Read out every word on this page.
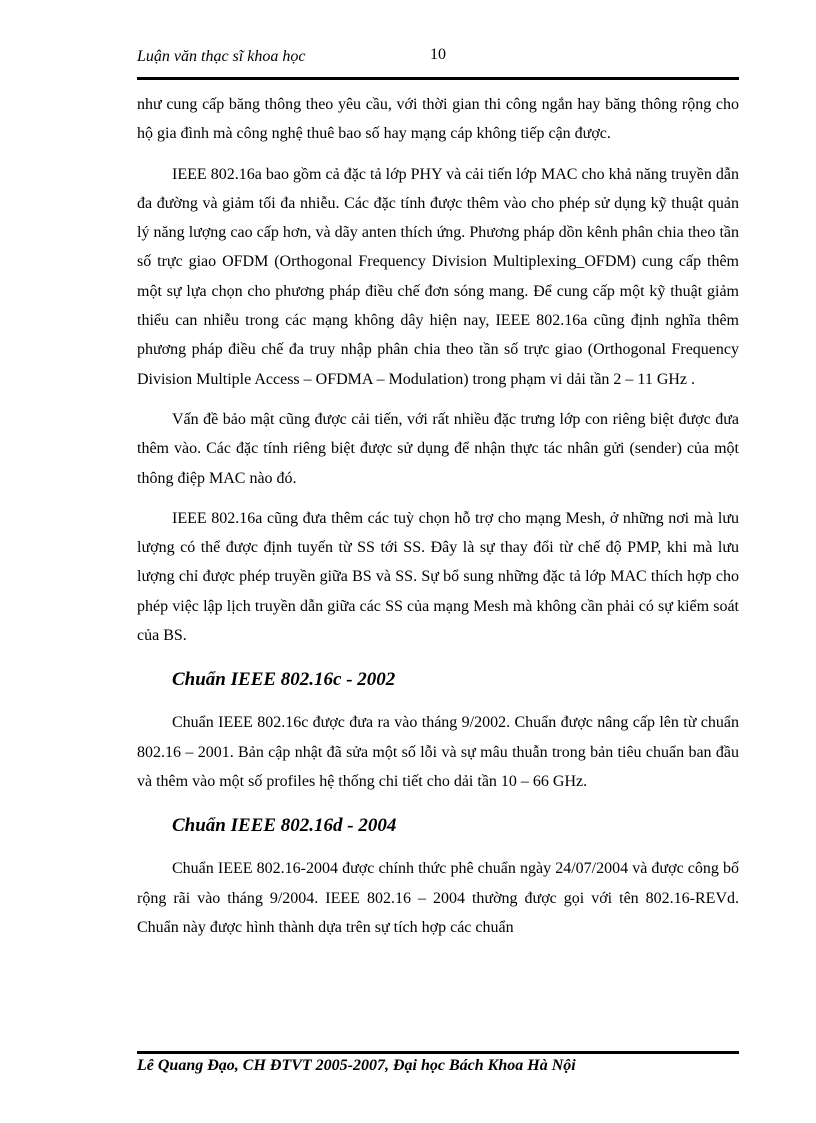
Luận văn thạc sĩ khoa học	10

như cung cấp băng thông theo yêu cầu, với thời gian thi công ngắn hay băng thông rộng cho hộ gia đình mà công nghệ thuê bao số hay mạng cáp không tiếp cận được.

IEEE 802.16a bao gồm cả đặc tả lớp PHY và cải tiến lớp MAC cho khả năng truyền dẫn đa đường và giảm tối đa nhiễu. Các đặc tính được thêm vào cho phép sử dụng kỹ thuật quản lý năng lượng cao cấp hơn, và dãy anten thích ứng. Phương pháp dồn kênh phân chia theo tần số trực giao OFDM (Orthogonal Frequency Division Multiplexing_OFDM) cung cấp thêm một sự lựa chọn cho phương pháp điều chế đơn sóng mang. Để cung cấp một kỹ thuật giảm thiểu can nhiễu trong các mạng không dây hiện nay, IEEE 802.16a cũng định nghĩa thêm phương pháp điều chế đa truy nhập phân chia theo tần số trực giao (Orthogonal Frequency Division Multiple Access – OFDMA – Modulation) trong phạm vi dải tần 2 – 11 GHz .

Vấn đề bảo mật cũng được cải tiến, với rất nhiều đặc trưng lớp con riêng biệt được đưa thêm vào. Các đặc tính riêng biệt được sử dụng để nhận thực tác nhân gửi (sender) của một thông điệp MAC nào đó.

IEEE 802.16a cũng đưa thêm các tuỳ chọn hỗ trợ cho mạng Mesh, ở những nơi mà lưu lượng có thể được định tuyến từ SS tới SS. Đây là sự thay đổi từ chế độ PMP, khi mà lưu lượng chỉ được phép truyền giữa BS và SS. Sự bổ sung những đặc tả lớp MAC thích hợp cho phép việc lập lịch truyền dẫn giữa các SS của mạng Mesh mà không cần phải có sự kiểm soát của BS.

Chuẩn IEEE 802.16c - 2002

Chuẩn IEEE 802.16c được đưa ra vào tháng 9/2002. Chuẩn được nâng cấp lên từ chuẩn 802.16 – 2001. Bản cập nhật đã sửa một số lỗi và sự mâu thuẫn trong bản tiêu chuẩn ban đầu và thêm vào một số profiles hệ thống chi tiết cho dải tần 10 – 66 GHz.

Chuẩn IEEE 802.16d - 2004

Chuẩn IEEE 802.16-2004 được chính thức phê chuẩn ngày 24/07/2004 và được công bố rộng rãi vào tháng 9/2004. IEEE 802.16 – 2004 thường được gọi với tên 802.16-REVd. Chuẩn này được hình thành dựa trên sự tích hợp các chuẩn

Lê Quang Đạo, CH ĐTVT 2005-2007, Đại học Bách Khoa Hà Nội
